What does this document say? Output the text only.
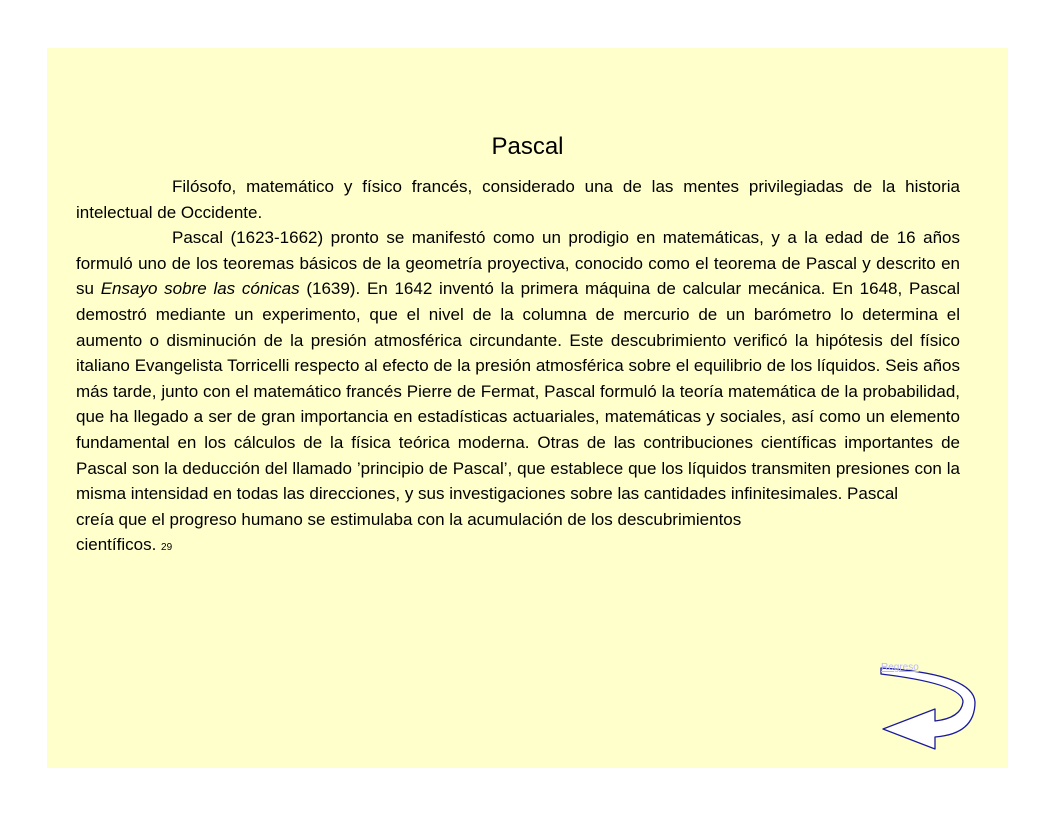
Pascal

Filósofo, matemático y físico francés, considerado una de las mentes privilegiadas de la historia intelectual de Occidente.

Pascal (1623-1662) pronto se manifestó como un prodigio en matemáticas, y a la edad de 16 años formuló uno de los teoremas básicos de la geometría proyectiva, conocido como el teorema de Pascal y descrito en su Ensayo sobre las cónicas (1639). En 1642 inventó la primera máquina de calcular mecánica. En 1648, Pascal demostró mediante un experimento, que el nivel de la columna de mercurio de un barómetro lo determina el aumento o disminución de la presión atmosférica circundante. Este descubrimiento verificó la hipótesis del físico italiano Evangelista Torricelli respecto al efecto de la presión atmosférica sobre el equilibrio de los líquidos. Seis años más tarde, junto con el matemático francés Pierre de Fermat, Pascal formuló la teoría matemática de la probabilidad, que ha llegado a ser de gran importancia en estadísticas actuariales, matemáticas y sociales, así como un elemento fundamental en los cálculos de la física teórica moderna. Otras de las contribuciones científicas importantes de Pascal son la deducción del llamado ’principio de Pascal’, que establece que los líquidos transmiten presiones con la misma intensidad en todas las direcciones, y sus investigaciones sobre las cantidades infinitesimales. Pascal

creía que el progreso humano se estimulaba con la acumulación de los descubrimientos
científicos. 29

Regreso
